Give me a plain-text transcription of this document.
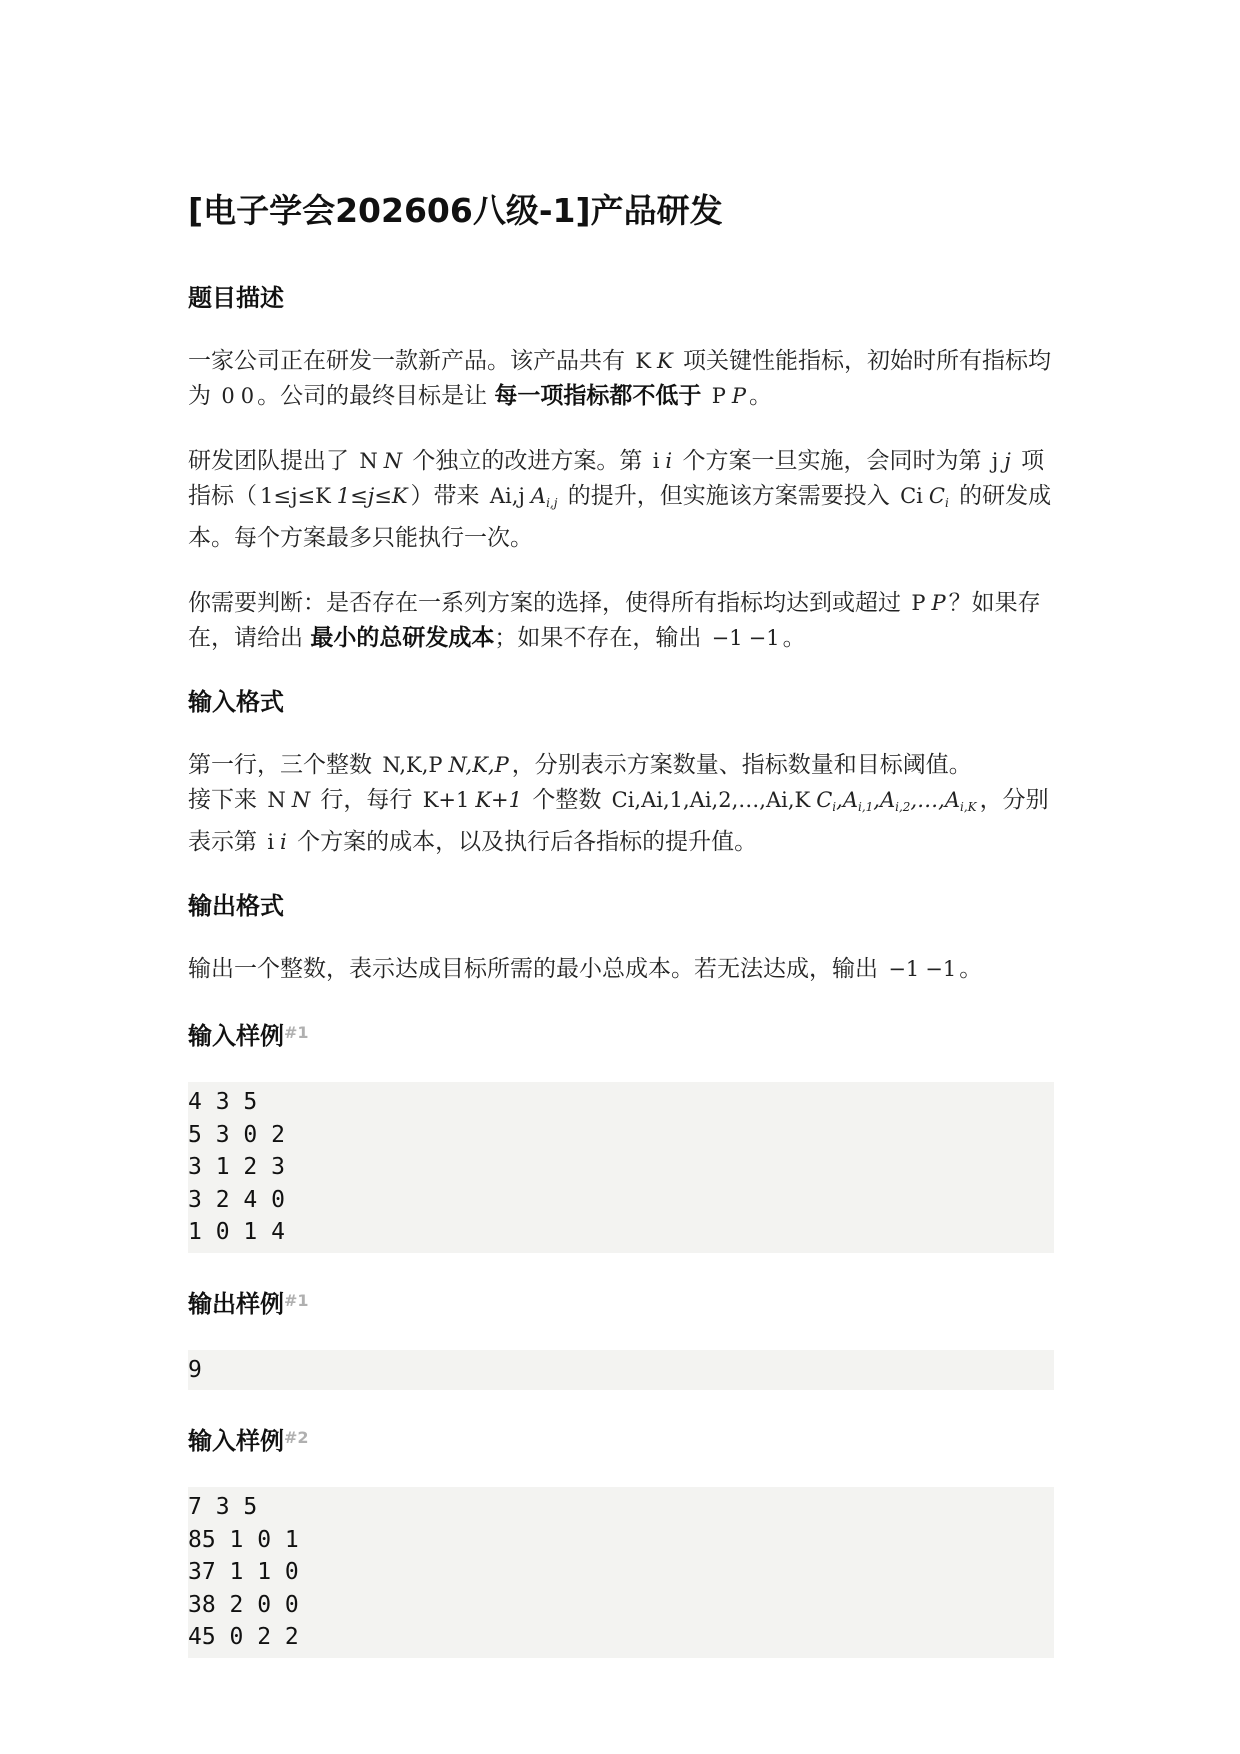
[电子学会202606八级-1]产品研发
题目描述

一家公司正在研发一款新产品。该产品共有 K K 项关键性能指标，初始时所有指标均为 0 0 。公司的最终目标是让 每一项指标都不低于 P P 。

研发团队提出了 N N 个独立的改进方案。第 i i 个方案一旦实施，会同时为第 j j 项指标（ 1≤j≤K 1≤j≤K ）带来 Ai,j $A_{i,j}$ 的提升，但实施该方案需要投入 Ci $C_i$ 的研发成本。每个方案最多只能执行一次。

你需要判断：是否存在一系列方案的选择，使得所有指标均达到或超过 P P ？如果存在，请给出 最小的总研发成本；如果不存在，输出 −1 −1 。

输入格式

第一行，三个整数 N,K,P N,K,P ，分别表示方案数量、指标数量和目标阈值。
接下来 N N 行，每行 K+1 K+1 个整数 Ci,Ai,1,Ai,2,…,Ai,K $C_i,A_{i,1},A_{i,2},\dots,A_{i,K}$ ，分别表示第 i i 个方案的成本，以及执行后各指标的提升值。

输出格式

输出一个整数，表示达成目标所需的最小总成本。若无法达成，输出 −1 −1 。

输入样例$^{\#1}$
4 3 5
5 3 0 2
3 1 2 3
3 2 4 0
1 0 1 4
输出样例$^{\#1}$
9
输入样例$^{\#2}$
7 3 5
85 1 0 1
37 1 1 0
38 2 0 0
45 0 2 2
